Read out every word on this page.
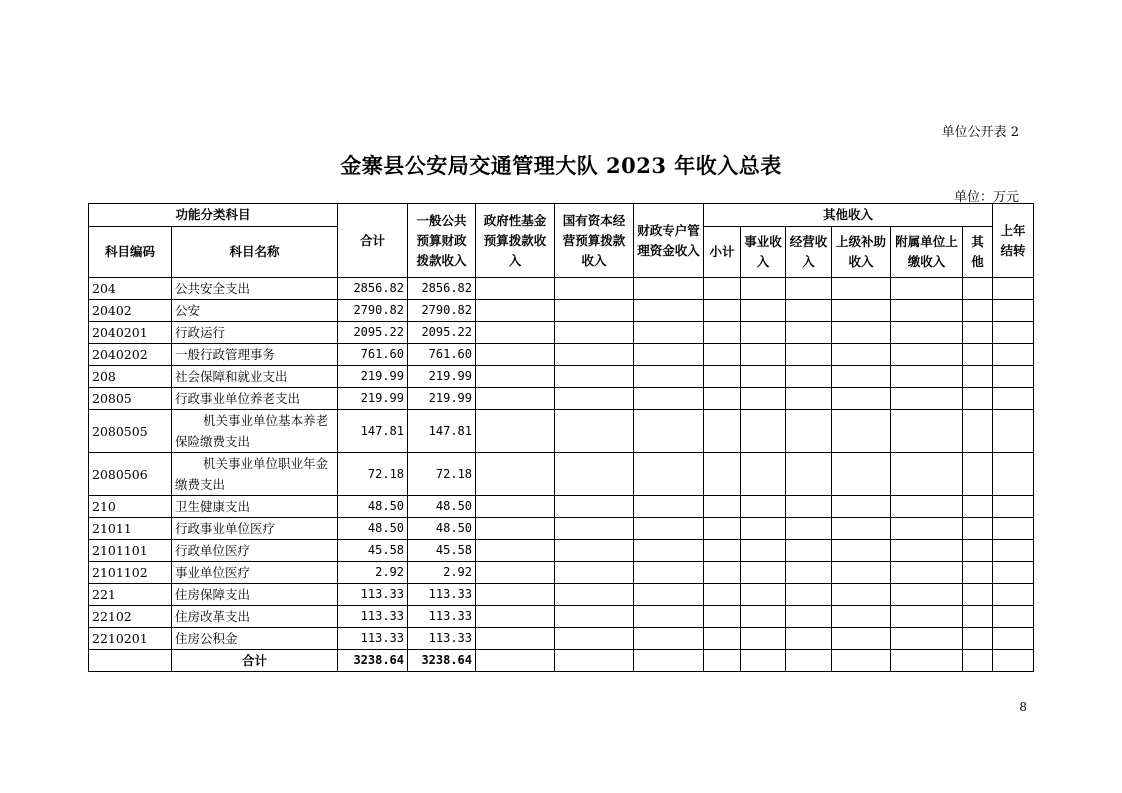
单位公开表 2
金寨县公安局交通管理大队 2023 年收入总表
单位：万元
功能分类科目		合计	一般公共预算财政拨款收入	政府性基金预算拨款收入	国有资本经营预算拨款收入	财政专户管理资金收入	其他收入						上年结转
科目编码	科目名称						小计	事业收入	经营收入	上级补助收入	附属单位上缴收入	其他	
204	公共安全支出	2856.82	2856.82										
20402	公安	2790.82	2790.82										
2040201	行政运行	2095.22	2095.22										
2040202	一般行政管理事务	761.60	761.60										
208	社会保障和就业支出	219.99	219.99										
20805	行政事业单位养老支出	219.99	219.99										
2080505	机关事业单位基本养老保险缴费支出	147.81	147.81										
2080506	机关事业单位职业年金缴费支出	72.18	72.18										
210	卫生健康支出	48.50	48.50										
21011	行政事业单位医疗	48.50	48.50										
2101101	行政单位医疗	45.58	45.58										
2101102	事业单位医疗	2.92	2.92										
221	住房保障支出	113.33	113.33										
22102	住房改革支出	113.33	113.33										
2210201	住房公积金	113.33	113.33										
	合计	3238.64	3238.64										
8
